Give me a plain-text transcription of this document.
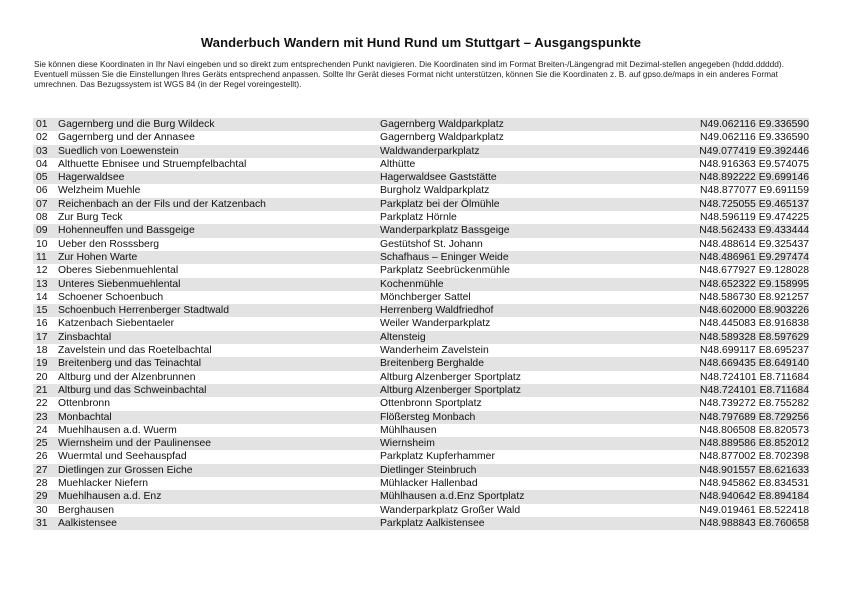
Wanderbuch Wandern mit Hund Rund um Stuttgart – Ausgangspunkte

Sie können diese Koordinaten in Ihr Navi eingeben und so direkt zum entsprechenden Punkt navigieren. Die Koordinaten sind im Format Breiten-/Längengrad mit Dezimal-stellen angegeben (hddd.ddddd).

Eventuell müssen Sie die Einstellungen Ihres Geräts entsprechend anpassen. Sollte Ihr Gerät dieses Format nicht unterstützen, können Sie die Koordinaten z. B. auf gpso.de/maps in ein anderes Format umrechnen. Das Bezugssystem ist WGS 84 (in der Regel voreingestellt).

01	Gagernberg und die Burg Wildeck	Gagernberg Waldparkplatz	N49.062116 E9.336590
02	Gagernberg und der Annasee	Gagernberg Waldparkplatz	N49.062116 E9.336590
03	Suedlich von Loewenstein	Waldwanderparkplatz	N49.077419 E9.392446
04	Althuette Ebnisee und Struempfelbachtal	Althütte	N48.916363 E9.574075
05	Hagerwaldsee	Hagerwaldsee Gaststätte	N48.892222 E9.699146
06	Welzheim Muehle	Burgholz Waldparkplatz	N48.877077 E9.691159
07	Reichenbach an der Fils und der Katzenbach	Parkplatz bei der Ölmühle	N48.725055 E9.465137
08	Zur Burg Teck	Parkplatz Hörnle	N48.596119 E9.474225
09	Hohenneuffen und Bassgeige	Wanderparkplatz Bassgeige	N48.562433 E9.433444
10	Ueber den Rosssberg	Gestütshof St. Johann	N48.488614 E9.325437
11	Zur Hohen Warte	Schafhaus – Eninger Weide	N48.486961 E9.297474
12	Oberes Siebenmuehlental	Parkplatz Seebrückenmühle	N48.677927 E9.128028
13	Unteres Siebenmuehlental	Kochenmühle	N48.652322 E9.158995
14	Schoener Schoenbuch	Mönchberger Sattel	N48.586730 E8.921257
15	Schoenbuch Herrenberger Stadtwald	Herrenberg Waldfriedhof	N48.602000 E8.903226
16	Katzenbach Siebentaeler	Weiler Wanderparkplatz	N48.445083 E8.916838
17	Zinsbachtal	Altensteig	N48.589328 E8.597629
18	Zavelstein und das Roetelbachtal	Wanderheim Zavelstein	N48.699117 E8.695237
19	Breitenberg und das Teinachtal	Breitenberg Berghalde	N48.669435 E8.649140
20	Altburg und der Alzenbrunnen	Altburg Alzenberger Sportplatz	N48.724101 E8.711684
21	Altburg und das Schweinbachtal	Altburg Alzenberger Sportplatz	N48.724101 E8.711684
22	Ottenbronn	Ottenbronn Sportplatz	N48.739272 E8.755282
23	Monbachtal	Flößersteg Monbach	N48.797689 E8.729256
24	Muehlhausen a.d. Wuerm	Mühlhausen	N48.806508 E8.820573
25	Wiernsheim und der Paulinensee	Wiernsheim	N48.889586 E8.852012
26	Wuermtal und Seehauspfad	Parkplatz Kupferhammer	N48.877002 E8.702398
27	Dietlingen zur Grossen Eiche	Dietlinger Steinbruch	N48.901557 E8.621633
28	Muehlacker Niefern	Mühlacker Hallenbad	N48.945862 E8.834531
29	Muehlhausen a.d. Enz	Mühlhausen a.d.Enz Sportplatz	N48.940642 E8.894184
30	Berghausen	Wanderparkplatz Großer Wald	N49.019461 E8.522418
31	Aalkistensee	Parkplatz Aalkistensee	N48.988843 E8.760658
